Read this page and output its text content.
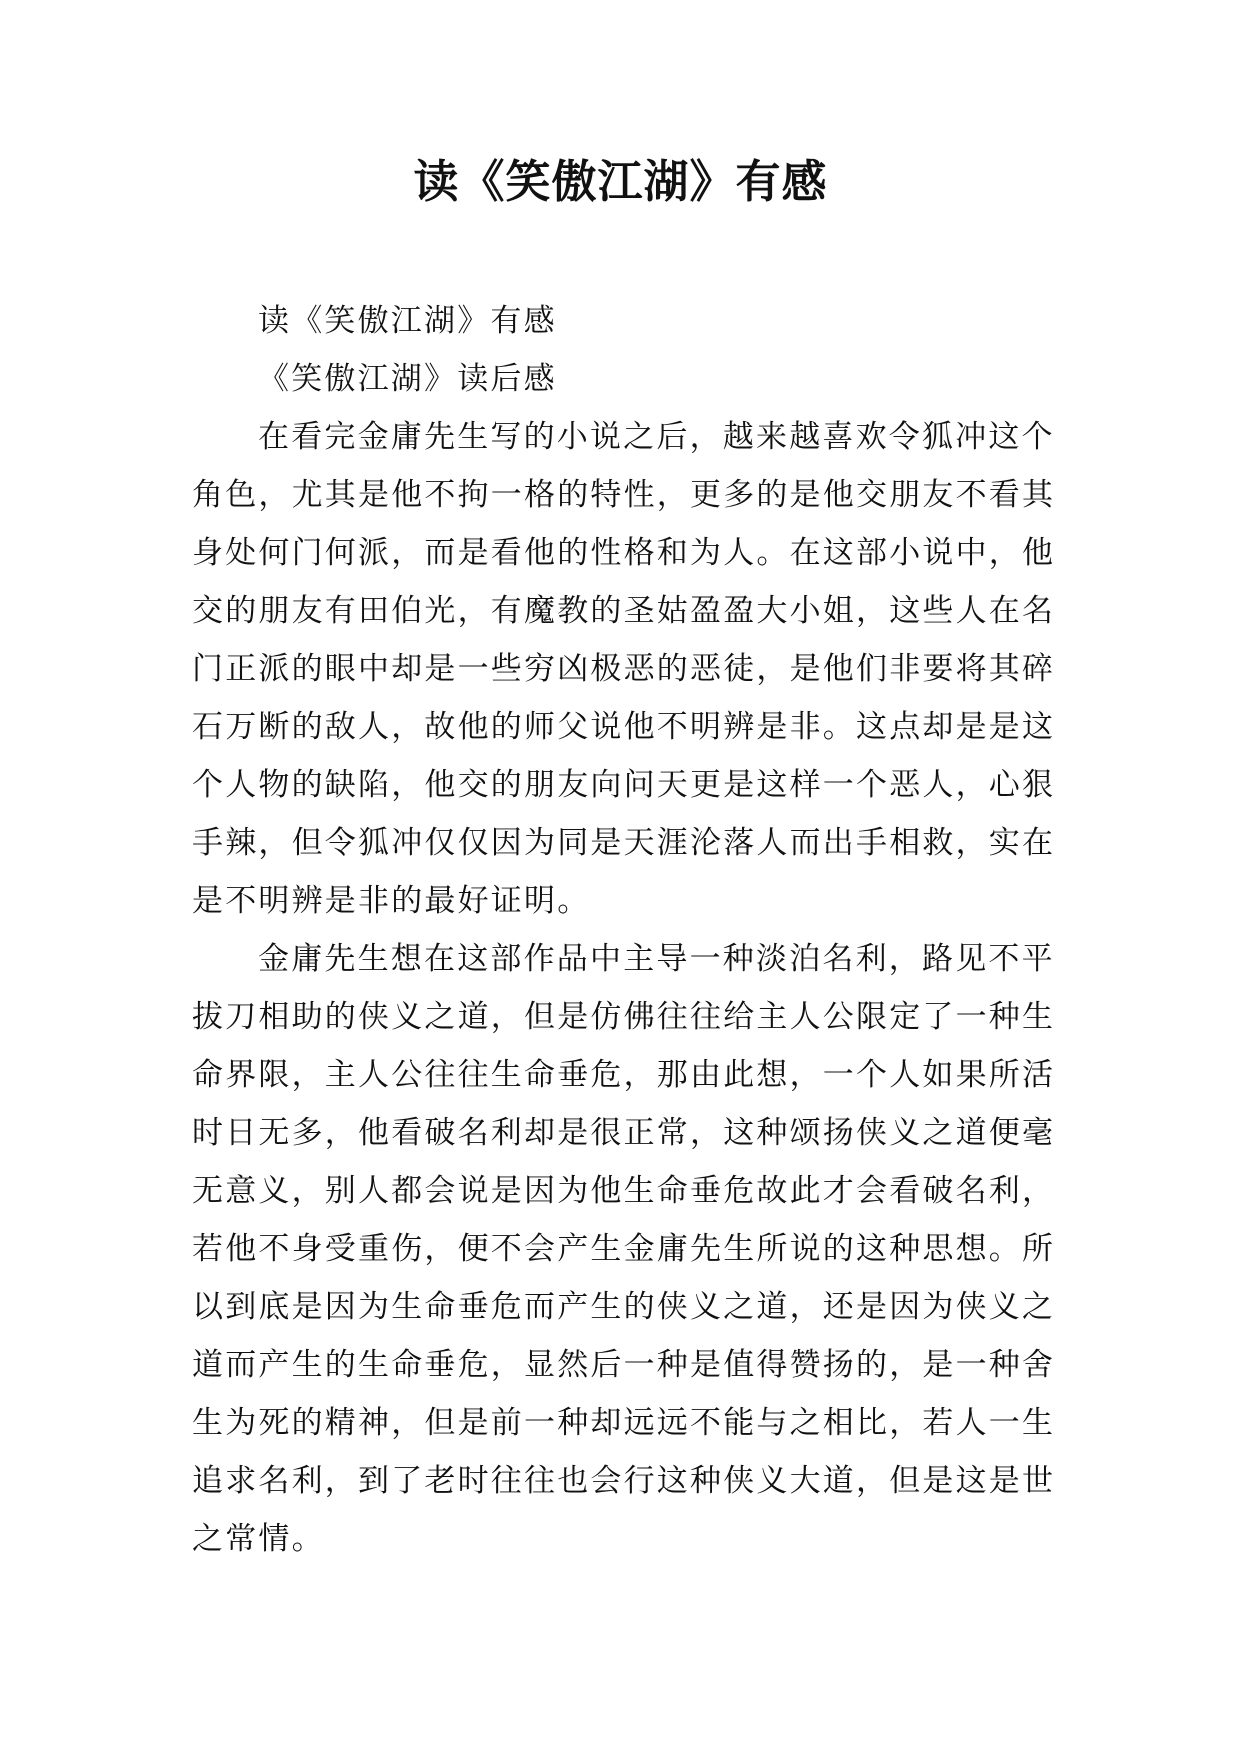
读《笑傲江湖》有感
读《笑傲江湖》有感
《笑傲江湖》读后感
在看完金庸先生写的小说之后，越来越喜欢令狐冲这个
角色，尤其是他不拘一格的特性，更多的是他交朋友不看其
身处何门何派，而是看他的性格和为人。在这部小说中，他
交的朋友有田伯光，有魔教的圣姑盈盈大小姐，这些人在名
门正派的眼中却是一些穷凶极恶的恶徒，是他们非要将其碎
石万断的敌人，故他的师父说他不明辨是非。这点却是是这
个人物的缺陷，他交的朋友向问天更是这样一个恶人，心狠
手辣，但令狐冲仅仅因为同是天涯沦落人而出手相救，实在
是不明辨是非的最好证明。
金庸先生想在这部作品中主导一种淡泊名利，路见不平
拔刀相助的侠义之道，但是仿佛往往给主人公限定了一种生
命界限，主人公往往生命垂危，那由此想，一个人如果所活
时日无多，他看破名利却是很正常，这种颂扬侠义之道便毫
无意义，别人都会说是因为他生命垂危故此才会看破名利，
若他不身受重伤，便不会产生金庸先生所说的这种思想。所
以到底是因为生命垂危而产生的侠义之道，还是因为侠义之
道而产生的生命垂危，显然后一种是值得赞扬的，是一种舍
生为死的精神，但是前一种却远远不能与之相比，若人一生
追求名利，到了老时往往也会行这种侠义大道，但是这是世
之常情。
